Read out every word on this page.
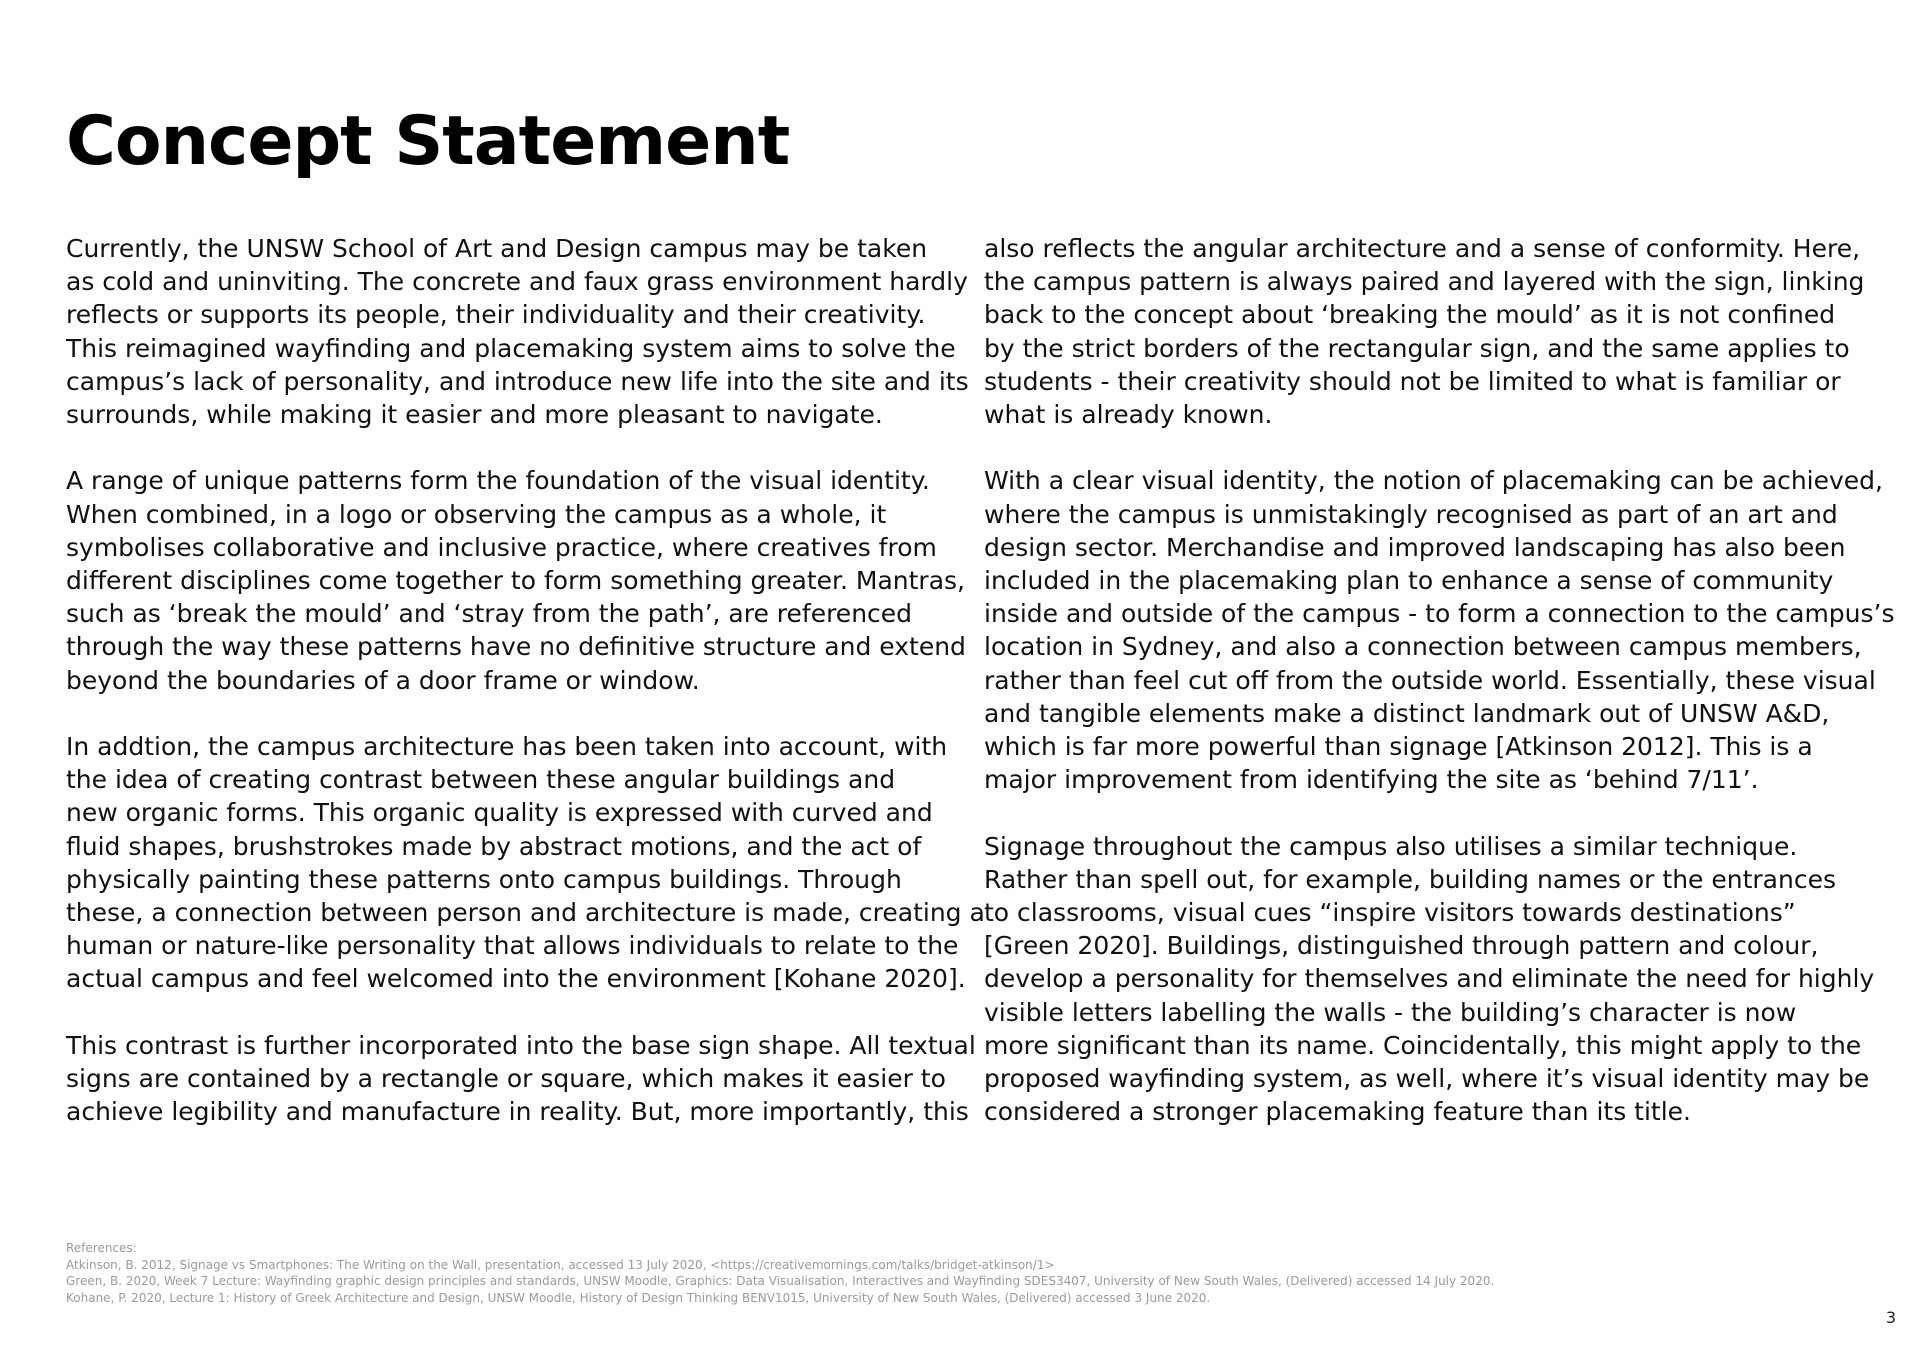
Concept Statement

Currently, the UNSW School of Art and Design campus may be taken
as cold and uninviting. The concrete and faux grass environment hardly
reflects or supports its people, their individuality and their creativity.
This reimagined wayfinding and placemaking system aims to solve the
campus’s lack of personality, and introduce new life into the site and its
surrounds, while making it easier and more pleasant to navigate.

A range of unique patterns form the foundation of the visual identity.
When combined, in a logo or observing the campus as a whole, it
symbolises collaborative and inclusive practice, where creatives from
different disciplines come together to form something greater. Mantras,
such as ‘break the mould’ and ‘stray from the path’, are referenced
through the way these patterns have no definitive structure and extend
beyond the boundaries of a door frame or window.

In addtion, the campus architecture has been taken into account, with
the idea of creating contrast between these angular buildings and
new organic forms. This organic quality is expressed with curved and
fluid shapes, brushstrokes made by abstract motions, and the act of
physically painting these patterns onto campus buildings. Through
these, a connection between person and architecture is made, creating a
human or nature-like personality that allows individuals to relate to the
actual campus and feel welcomed into the environment [Kohane 2020].

This contrast is further incorporated into the base sign shape. All textual
signs are contained by a rectangle or square, which makes it easier to
achieve legibility and manufacture in reality. But, more importantly, this

also reflects the angular architecture and a sense of conformity. Here,
the campus pattern is always paired and layered with the sign, linking
back to the concept about ‘breaking the mould’ as it is not confined
by the strict borders of the rectangular sign, and the same applies to
students - their creativity should not be limited to what is familiar or
what is already known.

With a clear visual identity, the notion of placemaking can be achieved,
where the campus is unmistakingly recognised as part of an art and
design sector. Merchandise and improved landscaping has also been
included in the placemaking plan to enhance a sense of community
inside and outside of the campus - to form a connection to the campus’s
location in Sydney, and also a connection between campus members,
rather than feel cut off from the outside world. Essentially, these visual
and tangible elements make a distinct landmark out of UNSW A&D,
which is far more powerful than signage [Atkinson 2012]. This is a
major improvement from identifying the site as ‘behind 7/11’.

Signage throughout the campus also utilises a similar technique.
Rather than spell out, for example, building names or the entrances
to classrooms, visual cues “inspire visitors towards destinations”
[Green 2020]. Buildings, distinguished through pattern and colour,
develop a personality for themselves and eliminate the need for highly
visible letters labelling the walls - the building’s character is now
more significant than its name. Coincidentally, this might apply to the
proposed wayfinding system, as well, where it’s visual identity may be
considered a stronger placemaking feature than its title.

References:
Atkinson, B. 2012, Signage vs Smartphones: The Writing on the Wall, presentation, accessed 13 July 2020, <https://creativemornings.com/talks/bridget-atkinson/1>
Green, B. 2020, Week 7 Lecture: Wayfinding graphic design principles and standards, UNSW Moodle, Graphics: Data Visualisation, Interactives and Wayfinding SDES3407, University of New South Wales, (Delivered) accessed 14 July 2020.
Kohane, P. 2020, Lecture 1: History of Greek Architecture and Design, UNSW Moodle, History of Design Thinking BENV1015, University of New South Wales, (Delivered) accessed 3 June 2020.
3
